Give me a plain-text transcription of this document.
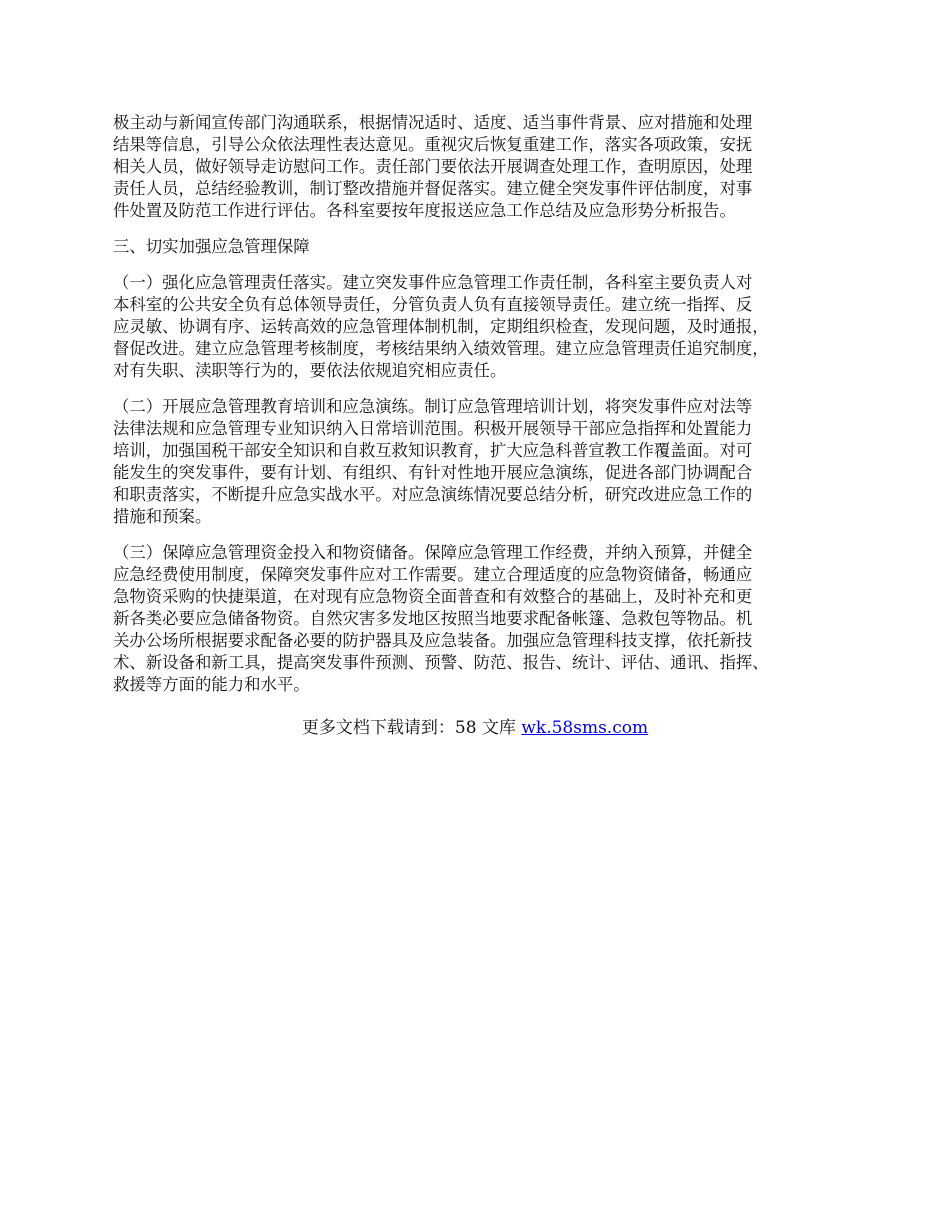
极主动与新闻宣传部门沟通联系，根据情况适时、适度、适当事件背景、应对措施和处理
结果等信息，引导公众依法理性表达意见。重视灾后恢复重建工作，落实各项政策，安抚
相关人员，做好领导走访慰问工作。责任部门要依法开展调查处理工作，查明原因，处理
责任人员，总结经验教训，制订整改措施并督促落实。建立健全突发事件评估制度，对事
件处置及防范工作进行评估。各科室要按年度报送应急工作总结及应急形势分析报告。
三、切实加强应急管理保障
（一）强化应急管理责任落实。建立突发事件应急管理工作责任制，各科室主要负责人对
本科室的公共安全负有总体领导责任，分管负责人负有直接领导责任。建立统一指挥、反
应灵敏、协调有序、运转高效的应急管理体制机制，定期组织检查，发现问题，及时通报，
督促改进。建立应急管理考核制度，考核结果纳入绩效管理。建立应急管理责任追究制度，
对有失职、渎职等行为的，要依法依规追究相应责任。
（二）开展应急管理教育培训和应急演练。制订应急管理培训计划，将突发事件应对法等
法律法规和应急管理专业知识纳入日常培训范围。积极开展领导干部应急指挥和处置能力
培训，加强国税干部安全知识和自救互救知识教育，扩大应急科普宣教工作覆盖面。对可
能发生的突发事件，要有计划、有组织、有针对性地开展应急演练，促进各部门协调配合
和职责落实，不断提升应急实战水平。对应急演练情况要总结分析，研究改进应急工作的
措施和预案。
（三）保障应急管理资金投入和物资储备。保障应急管理工作经费，并纳入预算，并健全
应急经费使用制度，保障突发事件应对工作需要。建立合理适度的应急物资储备，畅通应
急物资采购的快捷渠道，在对现有应急物资全面普查和有效整合的基础上，及时补充和更
新各类必要应急储备物资。自然灾害多发地区按照当地要求配备帐篷、急救包等物品。机
关办公场所根据要求配备必要的防护器具及应急装备。加强应急管理科技支撑，依托新技
术、新设备和新工具，提高突发事件预测、预警、防范、报告、统计、评估、通讯、指挥、
救援等方面的能力和水平。
更多文档下载请到：58 文库 wk.58sms.com
